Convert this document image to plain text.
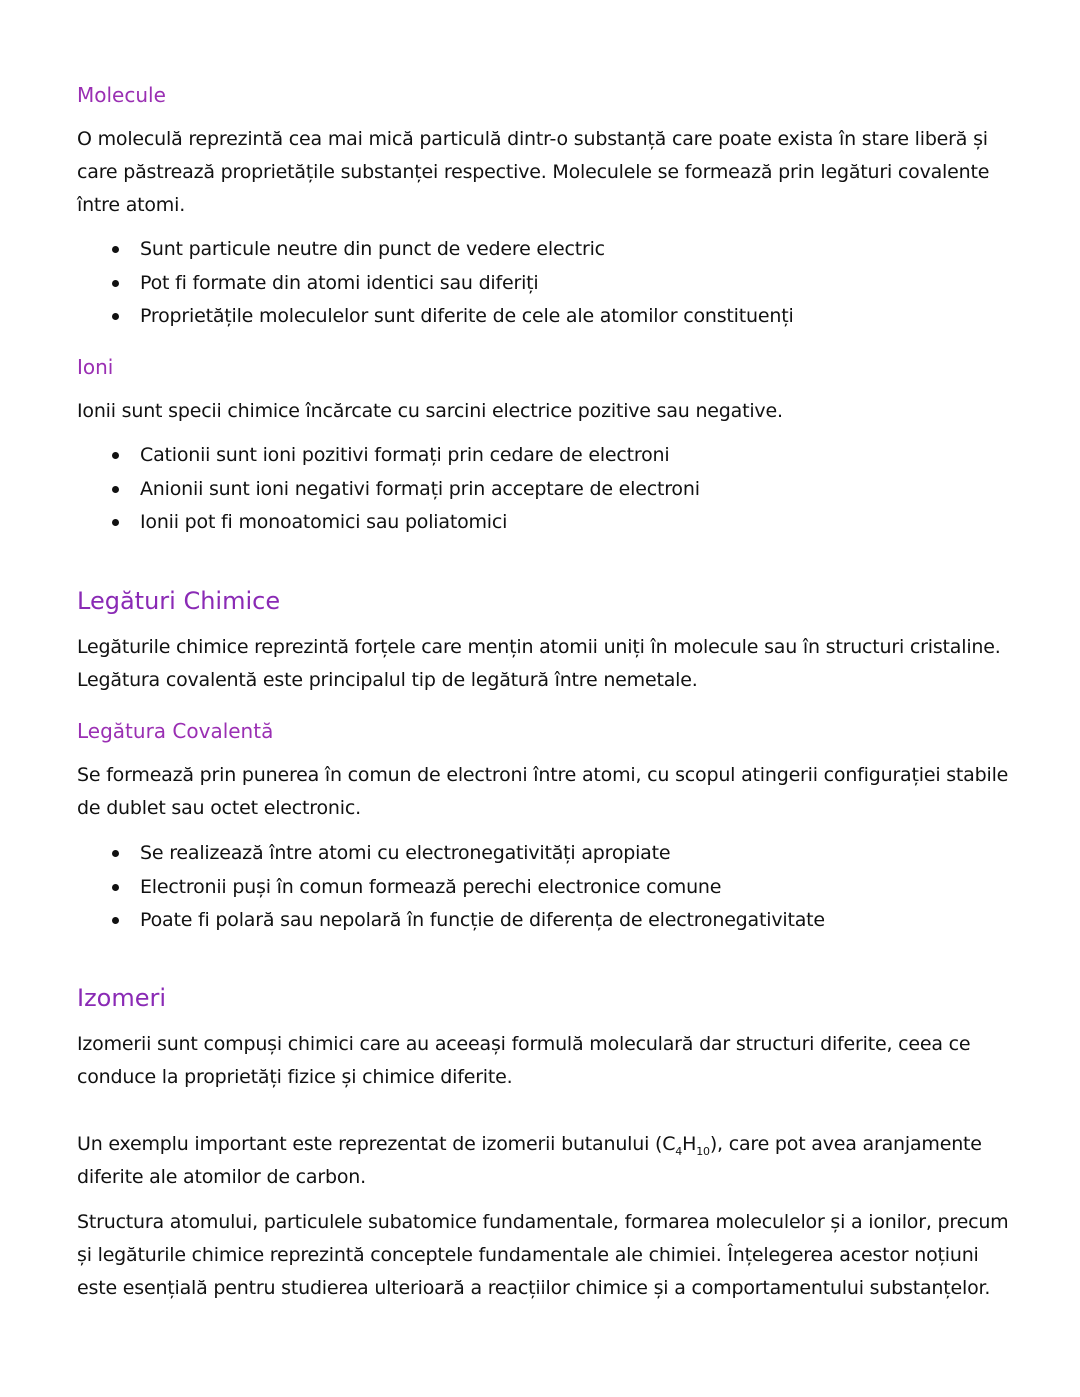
Molecule
O moleculă reprezintă cea mai mică particulă dintr-o substanță care poate exista în stare liberă și care păstrează proprietățile substanței respective. Moleculele se formează prin legături covalente între atomi.
Sunt particule neutre din punct de vedere electric
Pot fi formate din atomi identici sau diferiți
Proprietățile moleculelor sunt diferite de cele ale atomilor constituenți
Ioni
Ionii sunt specii chimice încărcate cu sarcini electrice pozitive sau negative.
Cationii sunt ioni pozitivi formați prin cedare de electroni
Anionii sunt ioni negativi formați prin acceptare de electroni
Ionii pot fi monoatomici sau poliatomici
Legături Chimice
Legăturile chimice reprezintă forțele care mențin atomii uniți în molecule sau în structuri cristaline. Legătura covalentă este principalul tip de legătură între nemetale.
Legătura Covalentă
Se formează prin punerea în comun de electroni între atomi, cu scopul atingerii configurației stabile de dublet sau octet electronic.
Se realizează între atomi cu electronegativități apropiate
Electronii puși în comun formează perechi electronice comune
Poate fi polară sau nepolară în funcție de diferența de electronegativitate
Izomeri
Izomerii sunt compuși chimici care au aceeași formulă moleculară dar structuri diferite, ceea ce conduce la proprietăți fizice și chimice diferite.
Un exemplu important este reprezentat de izomerii butanului $(C_4H_{10})$, care pot avea aranjamente diferite ale atomilor de carbon.
Structura atomului, particulele subatomice fundamentale, formarea moleculelor și a ionilor, precum și legăturile chimice reprezintă conceptele fundamentale ale chimiei. Înțelegerea acestor noțiuni este esențială pentru studierea ulterioară a reacțiilor chimice și a comportamentului substanțelor.
